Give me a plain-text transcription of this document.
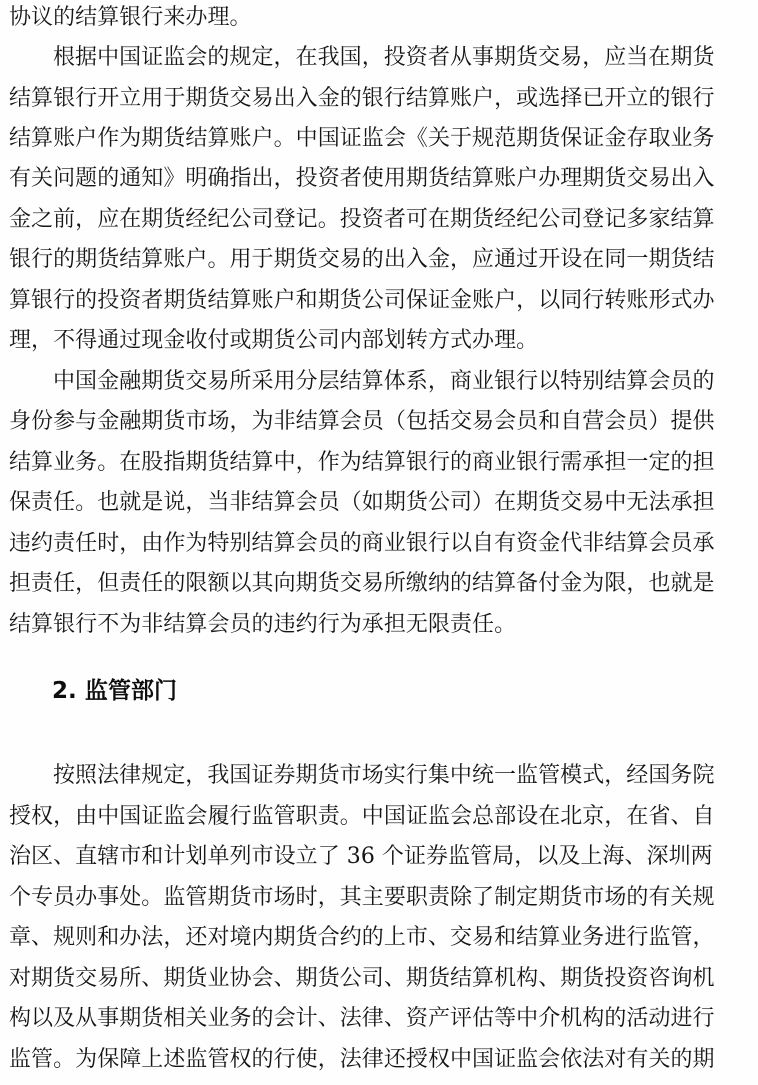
协议的结算银行来办理。
根据中国证监会的规定，在我国，投资者从事期货交易，应当在期货
结算银行开立用于期货交易出入金的银行结算账户，或选择已开立的银行
结算账户作为期货结算账户。中国证监会《关于规范期货保证金存取业务
有关问题的通知》明确指出，投资者使用期货结算账户办理期货交易出入
金之前，应在期货经纪公司登记。投资者可在期货经纪公司登记多家结算
银行的期货结算账户。用于期货交易的出入金，应通过开设在同一期货结
算银行的投资者期货结算账户和期货公司保证金账户，以同行转账形式办
理，不得通过现金收付或期货公司内部划转方式办理。
中国金融期货交易所采用分层结算体系，商业银行以特别结算会员的
身份参与金融期货市场，为非结算会员（包括交易会员和自营会员）提供
结算业务。在股指期货结算中，作为结算银行的商业银行需承担一定的担
保责任。也就是说，当非结算会员（如期货公司）在期货交易中无法承担
违约责任时，由作为特别结算会员的商业银行以自有资金代非结算会员承
担责任，但责任的限额以其向期货交易所缴纳的结算备付金为限，也就是
结算银行不为非结算会员的违约行为承担无限责任。
2. 监管部门
按照法律规定，我国证券期货市场实行集中统一监管模式，经国务院
授权，由中国证监会履行监管职责。中国证监会总部设在北京，在省、自
治区、直辖市和计划单列市设立了 36 个证券监管局，以及上海、深圳两
个专员办事处。监管期货市场时，其主要职责除了制定期货市场的有关规
章、规则和办法，还对境内期货合约的上市、交易和结算业务进行监管，
对期货交易所、期货业协会、期货公司、期货结算机构、期货投资咨询机
构以及从事期货相关业务的会计、法律、资产评估等中介机构的活动进行
监管。为保障上述监管权的行使，法律还授权中国证监会依法对有关的期
